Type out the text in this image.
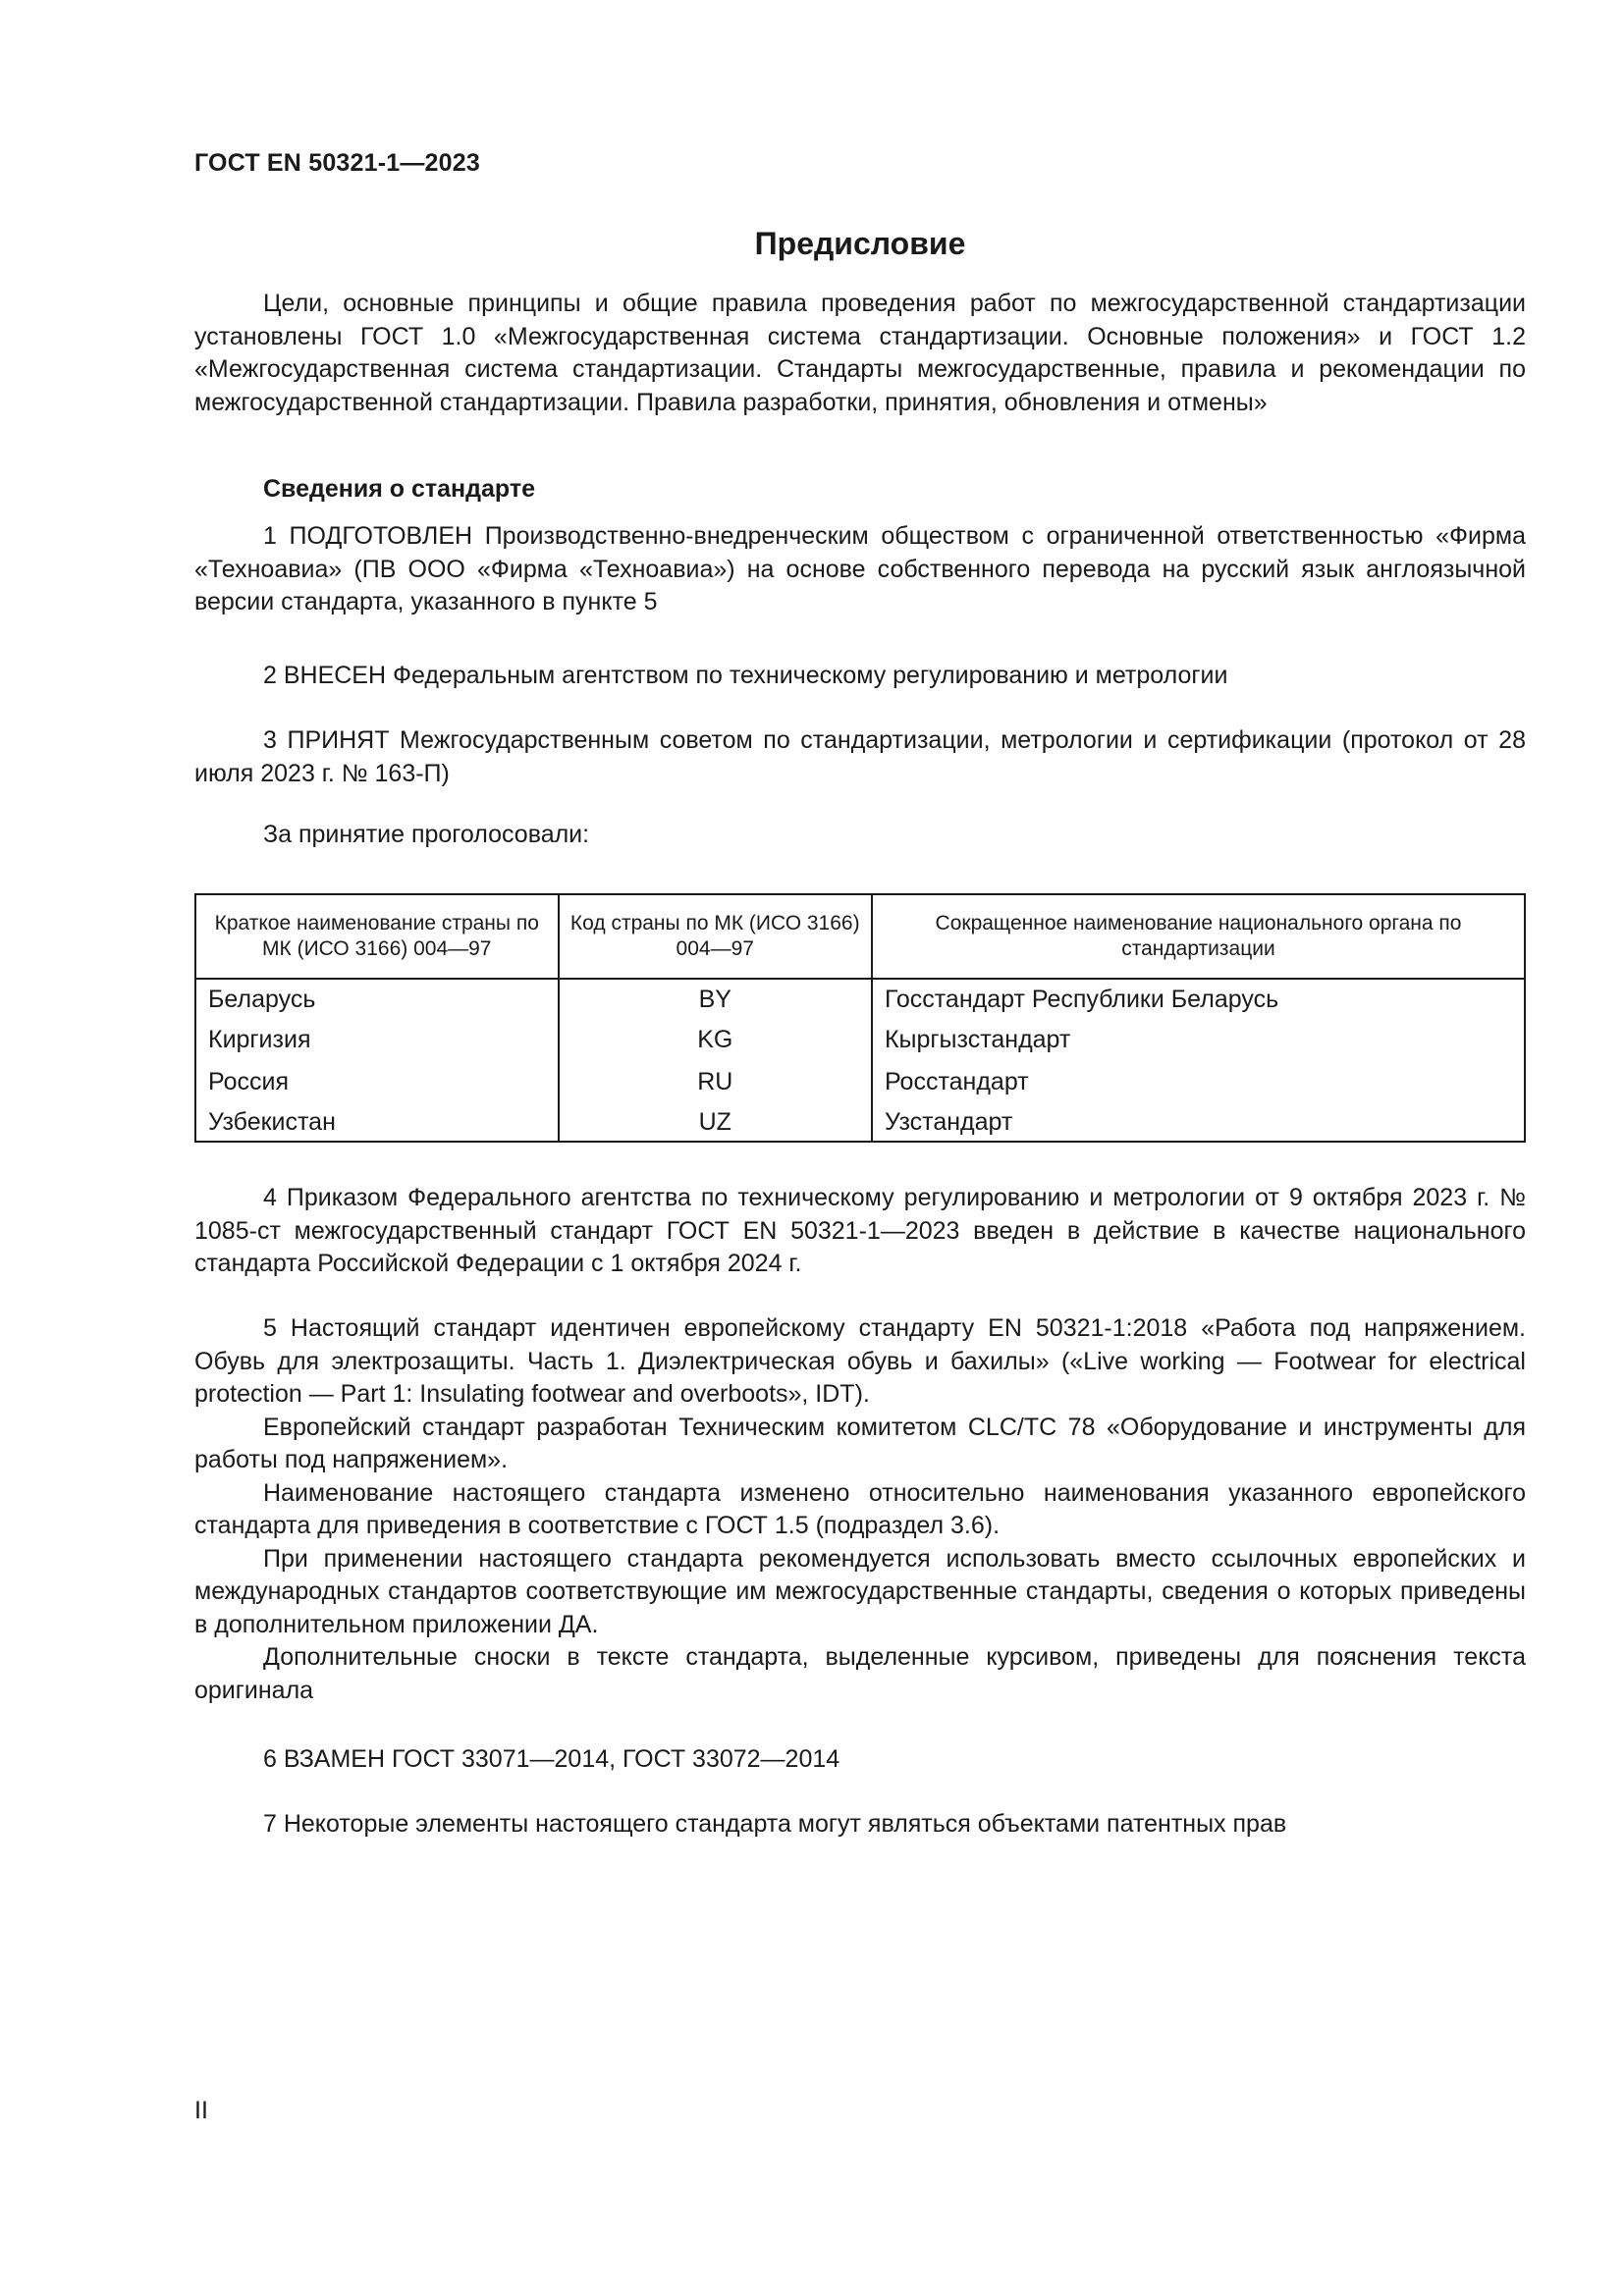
ГОСТ EN 50321-1—2023
Предисловие

Цели, основные принципы и общие правила проведения работ по межгосударственной стандартизации установлены ГОСТ 1.0 «Межгосударственная система стандартизации. Основные положения» и ГОСТ 1.2 «Межгосударственная система стандартизации. Стандарты межгосударственные, правила и рекомендации по межгосударственной стандартизации. Правила разработки, принятия, обновления и отмены»

Сведения о стандарте

1 ПОДГОТОВЛЕН Производственно-внедренческим обществом с ограниченной ответственностью «Фирма «Техноавиа» (ПВ ООО «Фирма «Техноавиа») на основе собственного перевода на русский язык англоязычной версии стандарта, указанного в пункте 5

2 ВНЕСЕН Федеральным агентством по техническому регулированию и метрологии

3 ПРИНЯТ Межгосударственным советом по стандартизации, метрологии и сертификации (протокол от 28 июля 2023 г. № 163-П)

За принятие проголосовали:
Краткое наименование страны по МК (ИСО 3166) 004—97	Код страны по МК (ИСО 3166) 004—97	Сокращенное наименование национального органа по стандартизации
Беларусь	BY	Госстандарт Республики Беларусь
Киргизия	KG	Кыргызстандарт
Россия	RU	Росстандарт
Узбекистан	UZ	Узстандарт

4 Приказом Федерального агентства по техническому регулированию и метрологии от 9 октября 2023 г. № 1085-ст межгосударственный стандарт ГОСТ EN 50321-1—2023 введен в действие в качестве национального стандарта Российской Федерации с 1 октября 2024 г.

5 Настоящий стандарт идентичен европейскому стандарту EN 50321-1:2018 «Работа под напряжением. Обувь для электрозащиты. Часть 1. Диэлектрическая обувь и бахилы» («Live working — Footwear for electrical protection — Part 1: Insulating footwear and overboots», IDT).

Европейский стандарт разработан Техническим комитетом CLC/TC 78 «Оборудование и инструменты для работы под напряжением».

Наименование настоящего стандарта изменено относительно наименования указанного европейского стандарта для приведения в соответствие с ГОСТ 1.5 (подраздел 3.6).

При применении настоящего стандарта рекомендуется использовать вместо ссылочных европейских и международных стандартов соответствующие им межгосударственные стандарты, сведения о которых приведены в дополнительном приложении ДА.

Дополнительные сноски в тексте стандарта, выделенные курсивом, приведены для пояснения текста оригинала

6 ВЗАМЕН ГОСТ 33071—2014, ГОСТ 33072—2014

7 Некоторые элементы настоящего стандарта могут являться объектами патентных прав

II
